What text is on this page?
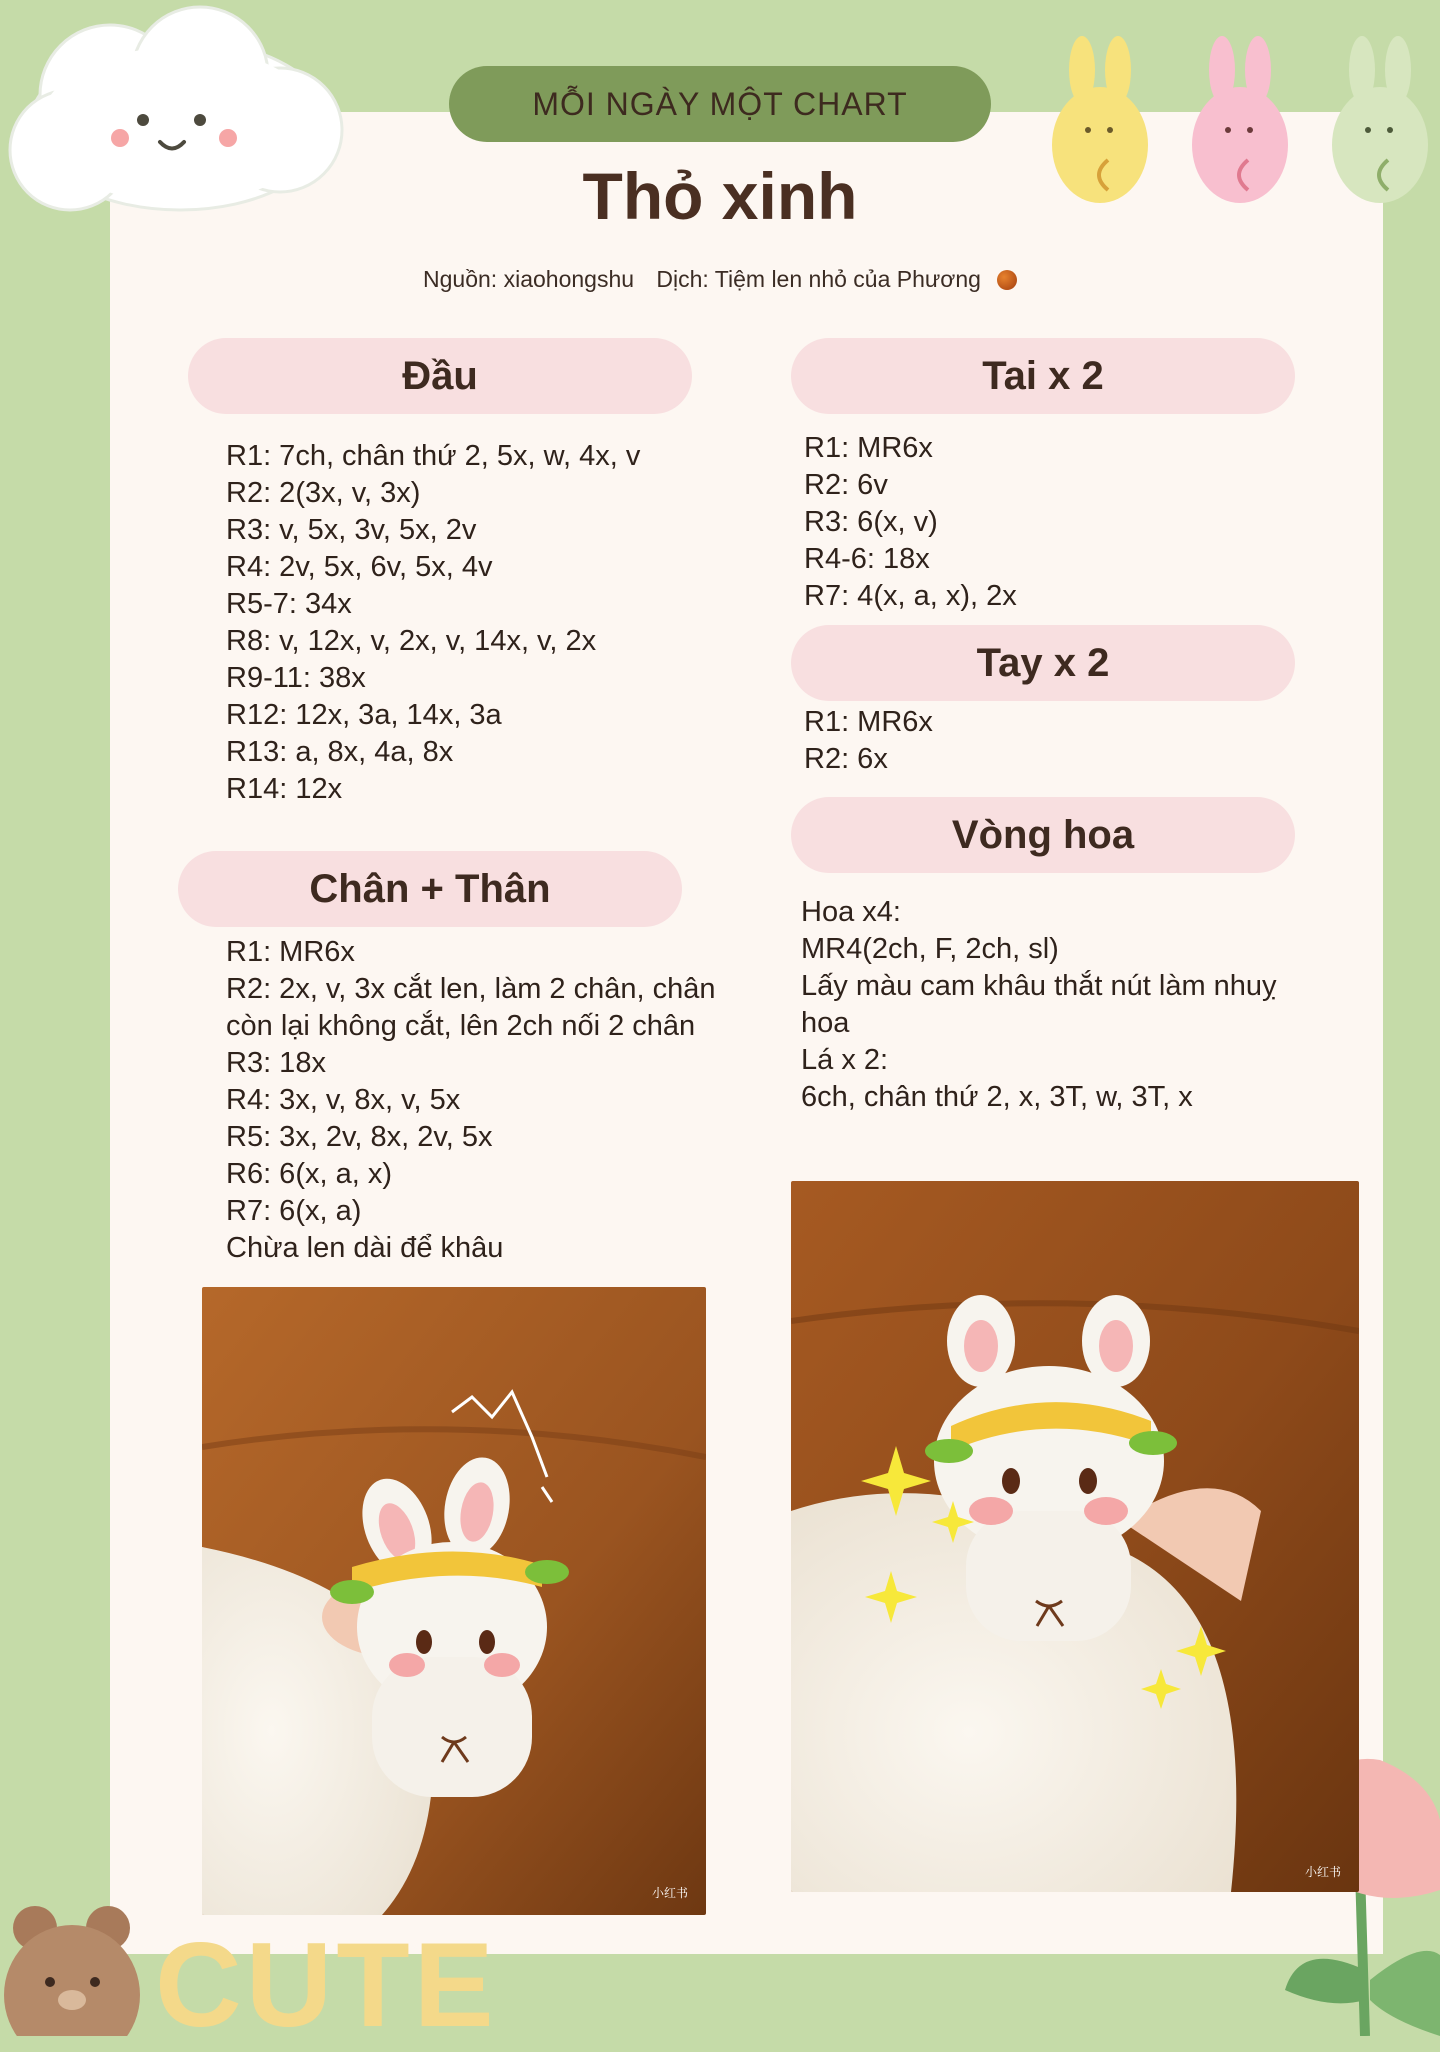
CUTE
MỖI NGÀY MỘT CHART
Thỏ xinh
Nguồn: xiaohongshu Dịch: Tiệm len nhỏ của Phương
Đầu
R1: 7ch, chân thứ 2, 5x, w, 4x, v
R2: 2(3x, v, 3x)
R3: v, 5x, 3v, 5x, 2v
R4: 2v, 5x, 6v, 5x, 4v
R5-7: 34x
R8: v, 12x, v, 2x, v, 14x, v, 2x
R9-11: 38x
R12: 12x, 3a, 14x, 3a
R13: a, 8x, 4a, 8x
R14: 12x
Chân + Thân
R1: MR6x
R2: 2x, v, 3x cắt len, làm 2 chân, chân
còn lại không cắt, lên 2ch nối 2 chân
R3: 18x
R4: 3x, v, 8x, v, 5x
R5: 3x, 2v, 8x, 2v, 5x
R6: 6(x, a, x)
R7: 6(x, a)
Chừa len dài để khâu
Tai x 2
R1: MR6x
R2: 6v
R3: 6(x, v)
R4-6: 18x
R7: 4(x, a, x), 2x
Tay x 2
R1: MR6x
R2: 6x
Vòng hoa
Hoa x4:
MR4(2ch, F, 2ch, sl)
Lấy màu cam khâu thắt nút làm nhuỵ
hoa
Lá x 2:
6ch, chân thứ 2, x, 3T, w, 3T, x
小红书
小红书
